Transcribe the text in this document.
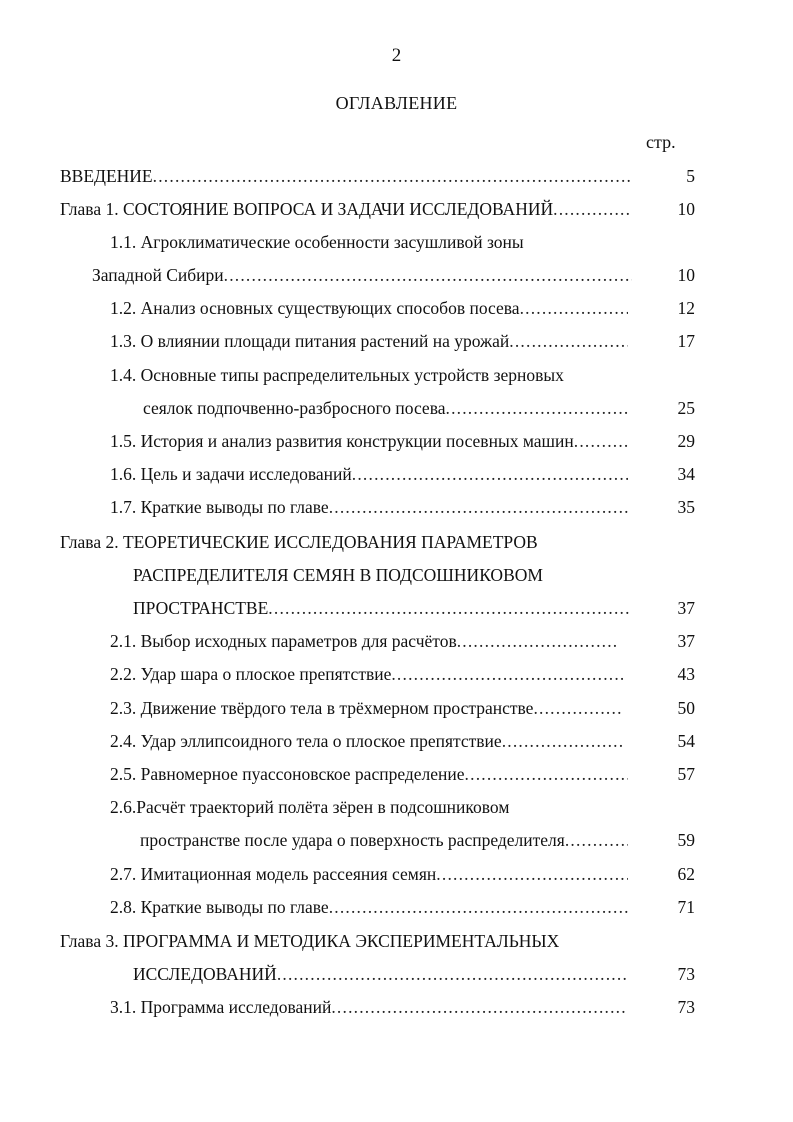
2
ОГЛАВЛЕНИЕ
стр.
ВВЕДЕНИЕ .....	5
Глава 1. СОСТОЯНИЕ ВОПРОСА И ЗАДАЧИ ИССЛЕДОВАНИЙ .....	10
1.1. Агроклиматические особенности засушливой зоны
Западной Сибири .....	10
1.2. Анализ основных существующих способов посева .....	12
1.3. О влиянии площади питания растений на урожай .....	17
1.4. Основные типы распределительных устройств зерновых
сеялок подпочвенно-разбросного посева .....	25
1.5. История и анализ развития конструкции посевных машин .....	29
1.6. Цель и задачи исследований .....	34
1.7. Краткие выводы по главе .....	35
Глава 2. ТЕОРЕТИЧЕСКИЕ ИССЛЕДОВАНИЯ ПАРАМЕТРОВ
РАСПРЕДЕЛИТЕЛЯ СЕМЯН В ПОДСОШНИКОВОМ
ПРОСТРАНСТВЕ .....	37
2.1. Выбор исходных параметров для расчётов .....	37
2.2. Удар шара о плоское препятствие .....	43
2.3. Движение твёрдого тела в трёхмерном пространстве .....	50
2.4. Удар эллипсоидного тела о плоское препятствие .....	54
2.5. Равномерное пуассоновское распределение .....	57
2.6.Расчёт траекторий полёта зёрен в подсошниковом
пространстве после удара о поверхность распределителя .....	59
2.7. Имитационная модель рассеяния семян .....	62
2.8. Краткие выводы по главе .....	71
Глава 3. ПРОГРАММА И МЕТОДИКА ЭКСПЕРИМЕНТАЛЬНЫХ
ИССЛЕДОВАНИЙ .....	73
3.1. Программа исследований .....	73
